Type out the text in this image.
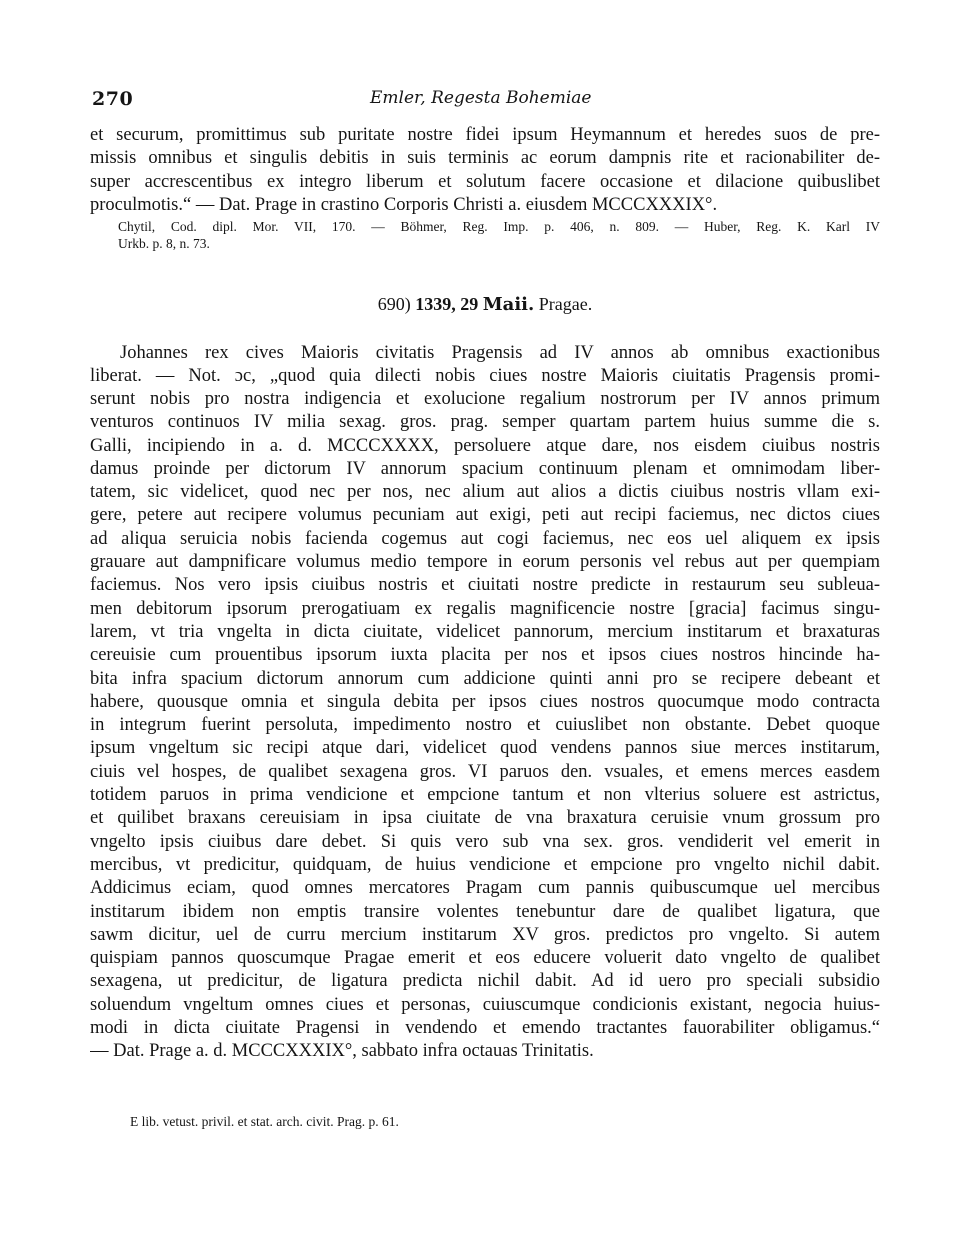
270	Emler, Regesta Bohemiae
et securum, promittimus sub puritate nostre fidei ipsum Heymannum et heredes suos de pre-
missis omnibus et singulis debitis in suis terminis ac eorum dampnis rite et racionabiliter de-
super accrescentibus ex integro liberum et solutum facere occasione et dilacione quibuslibet
proculmotis.“ — Dat. Prage in crastino Corporis Christi a. eiusdem MCCCXXXIX°.
Chytil, Cod. dipl. Mor. VII, 170. — Böhmer, Reg. Imp. p. 406, n. 809. — Huber, Reg. K. Karl IV
Urkb. p. 8, n. 73.
690) 1339, 29 Maii. Pragae.
Johannes rex cives Maioris civitatis Pragensis ad IV annos ab omnibus exactionibus
liberat. — Not. ɔc, „quod quia dilecti nobis ciues nostre Maioris ciuitatis Pragensis promi-
serunt nobis pro nostra indigencia et exolucione regalium nostrorum per IV annos primum
venturos continuos IV milia sexag. gros. prag. semper quartam partem huius summe die s.
Galli, incipiendo in a. d. MCCCXXXX, persoluere atque dare, nos eisdem ciuibus nostris
damus proinde per dictorum IV annorum spacium continuum plenam et omnimodam liber-
tatem, sic videlicet, quod nec per nos, nec alium aut alios a dictis ciuibus nostris vllam exi-
gere, petere aut recipere volumus pecuniam aut exigi, peti aut recipi faciemus, nec dictos ciues
ad aliqua seruicia nobis facienda cogemus aut cogi faciemus, nec eos uel aliquem ex ipsis
grauare aut dampnificare volumus medio tempore in eorum personis vel rebus aut per quempiam
faciemus. Nos vero ipsis ciuibus nostris et ciuitati nostre predicte in restaurum seu subleua-
men debitorum ipsorum prerogatiuam ex regalis magnificencie nostre [gracia] facimus singu-
larem, vt tria vngelta in dicta ciuitate, videlicet pannorum, mercium institarum et braxaturas
cereuisie cum prouentibus ipsorum iuxta placita per nos et ipsos ciues nostros hincinde ha-
bita infra spacium dictorum annorum cum addicione quinti anni pro se recipere debeant et
habere, quousque omnia et singula debita per ipsos ciues nostros quocumque modo contracta
in integrum fuerint persoluta, impedimento nostro et cuiuslibet non obstante. Debet quoque
ipsum vngeltum sic recipi atque dari, videlicet quod vendens pannos siue merces institarum,
ciuis vel hospes, de qualibet sexagena gros. VI paruos den. vsuales, et emens merces easdem
totidem paruos in prima vendicione et empcione tantum et non vlterius soluere est astrictus,
et quilibet braxans cereuisiam in ipsa ciuitate de vna braxatura ceruisie vnum grossum pro
vngelto ipsis ciuibus dare debet. Si quis vero sub vna sex. gros. vendiderit vel emerit in
mercibus, vt predicitur, quidquam, de huius vendicione et empcione pro vngelto nichil dabit.
Addicimus eciam, quod omnes mercatores Pragam cum pannis quibuscumque uel mercibus
institarum ibidem non emptis transire volentes tenebuntur dare de qualibet ligatura, que
sawm dicitur, uel de curru mercium institarum XV gros. predictos pro vngelto. Si autem
quispiam pannos quoscumque Pragae emerit et eos educere voluerit dato vngelto de qualibet
sexagena, ut predicitur, de ligatura predicta nichil dabit. Ad id uero pro speciali subsidio
soluendum vngeltum omnes ciues et personas, cuiuscumque condicionis existant, negocia huius-
modi in dicta ciuitate Pragensi in vendendo et emendo tractantes fauorabiliter obligamus.“
— Dat. Prage a. d. MCCCXXXIX°, sabbato infra octauas Trinitatis.
E lib. vetust. privil. et stat. arch. civit. Prag. p. 61.
